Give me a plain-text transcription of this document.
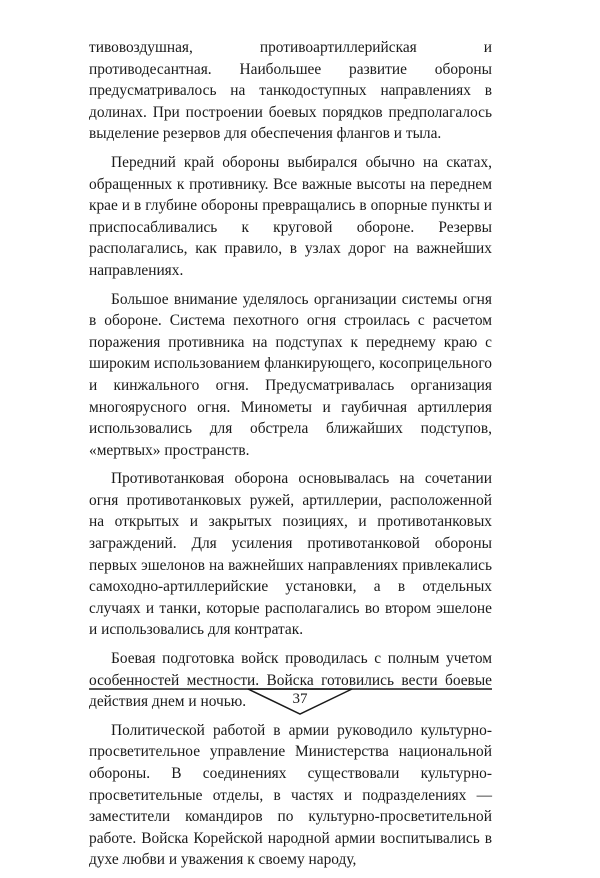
тивовоздушная, противоартиллерийская и противодесантная. Наибольшее развитие обороны предусматривалось на танкодоступных направлениях в долинах. При построении боевых порядков предполагалось выделение резервов для обеспечения флангов и тыла.

Передний край обороны выбирался обычно на скатах, обращенных к противнику. Все важные высоты на переднем крае и в глубине обороны превращались в опорные пункты и приспосабливались к круговой обороне. Резервы располагались, как правило, в узлах дорог на важнейших направлениях.

Большое внимание уделялось организации системы огня в обороне. Система пехотного огня строилась с расчетом поражения противника на подступах к переднему краю с широким использованием фланкирующего, косоприцельного и кинжального огня. Предусматривалась организация многоярусного огня. Минометы и гаубичная артиллерия использовались для обстрела ближайших подступов, «мертвых» пространств.

Противотанковая оборона основывалась на сочетании огня противотанковых ружей, артиллерии, расположенной на открытых и закрытых позициях, и противотанковых заграждений. Для усиления противотанковой обороны первых эшелонов на важнейших направлениях привлекались самоходно-артиллерийские установки, а в отдельных случаях и танки, которые располагались во втором эшелоне и использовались для контратак.

Боевая подготовка войск проводилась с полным учетом особенностей местности. Войска готовились вести боевые действия днем и ночью.

Политической работой в армии руководило культурно-просветительное управление Министерства национальной обороны. В соединениях существовали культурно-просветительные отделы, в частях и подразделениях — заместители командиров по культурно-просветительной работе. Войска Корейской народной армии воспитывались в духе любви и уважения к своему народу,

37
